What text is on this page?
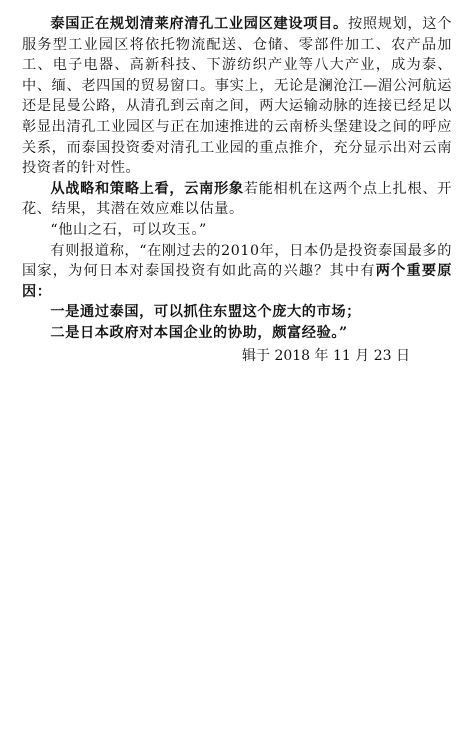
泰国正在规划清莱府清孔工业园区建设项目。按照规划，这个服务型工业园区将依托物流配送、仓储、零部件加工、农产品加工、电子电器、高新科技、下游纺织产业等八大产业，成为泰、中、缅、老四国的贸易窗口。事实上，无论是澜沧江—湄公河航运还是昆曼公路，从清孔到云南之间，两大运输动脉的连接已经足以彰显出清孔工业园区与正在加速推进的云南桥头堡建设之间的呼应关系，而泰国投资委对清孔工业园的重点推介，充分显示出对云南投资者的针对性。

从战略和策略上看，云南形象若能相机在这两个点上扎根、开花、结果，其潜在效应难以估量。

“他山之石，可以攻玉。”

有则报道称，“在刚过去的2010年，日本仍是投资泰国最多的国家，为何日本对泰国投资有如此高的兴趣？其中有两个重要原因：

一是通过泰国，可以抓住东盟这个庞大的市场；

二是日本政府对本国企业的协助，颇富经验。”

辑于 2018 年 11 月 23 日
